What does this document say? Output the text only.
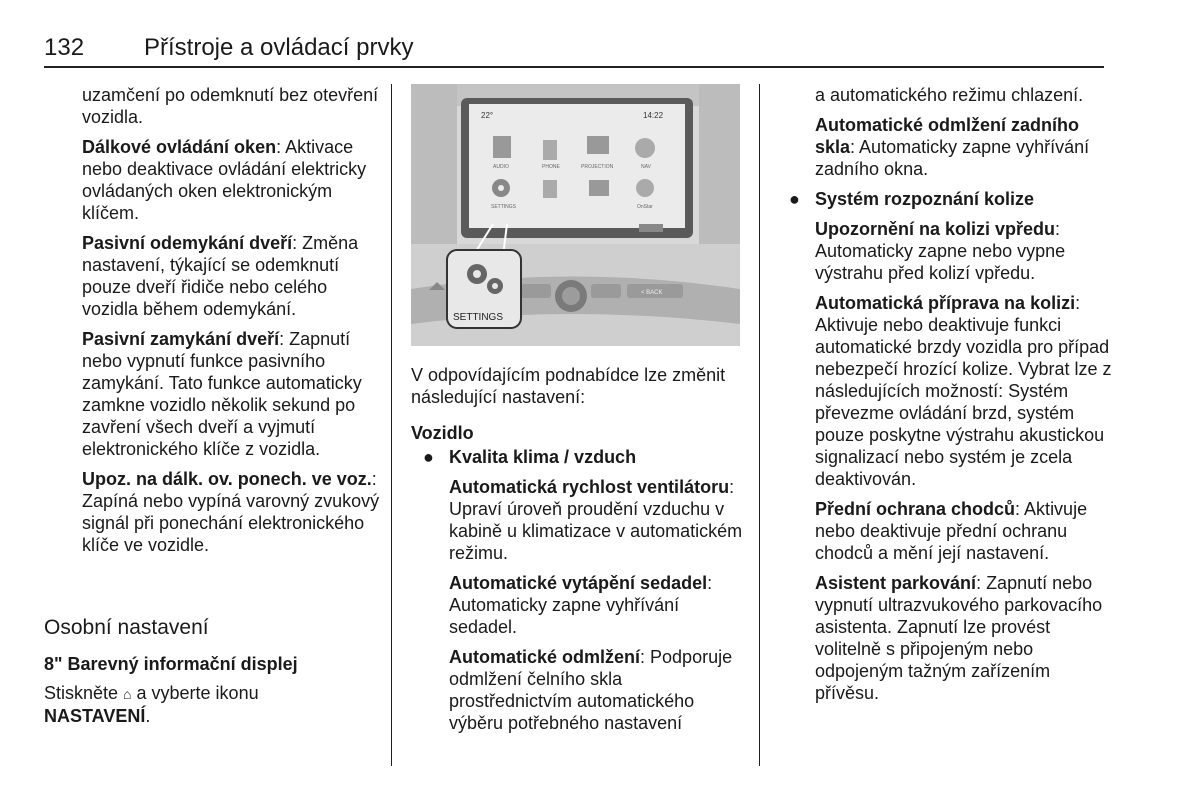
132 Přístroje a ovládací prvky

uzamčení po odemknutí bez otevření vozidla.

Dálkové ovládání oken: Aktivace nebo deaktivace ovládání elektricky ovládaných oken elektronickým klíčem.

Pasivní odemykání dveří: Změna nastavení, týkající se odemknutí pouze dveří řidiče nebo celého vozidla během odemykání.

Pasivní zamykání dveří: Zapnutí nebo vypnutí funkce pasivního zamykání. Tato funkce automaticky zamkne vozidlo několik sekund po zavření všech dveří a vyjmutí elektronického klíče z vozidla.

Upoz. na dálk. ov. ponech. ve voz.: Zapíná nebo vypíná varovný zvukový signál při ponechání elektronického klíče ve vozidle.

Osobní nastavení
8" Barevný informační displej
Stiskněte ⌂ a vyberte ikonu
NASTAVENÍ.
22°	14:22
AUDIO	PHONE	PROJECTION	NAV
SETTINGS	OnStar
< BACK
SETTINGS

V odpovídajícím podnabídce lze změnit následující nastavení:

Vozidlo

● Kvalita klima / vzduch

Automatická rychlost ventilátoru: Upraví úroveň proudění vzduchu v kabině u klimatizace v automatickém režimu.

Automatické vytápění sedadel: Automaticky zapne vyhřívání sedadel.

Automatické odmlžení: Podporuje odmlžení čelního skla prostřednictvím automatického výběru potřebného nastavení

a automatického režimu chlazení.

Automatické odmlžení zadního skla: Automaticky zapne vyhřívání zadního okna.

● Systém rozpoznání kolize

Upozornění na kolizi vpředu: Automaticky zapne nebo vypne výstrahu před kolizí vpředu.

Automatická příprava na kolizi: Aktivuje nebo deaktivuje funkci automatické brzdy vozidla pro případ nebezpečí hrozící kolize. Vybrat lze z následujících možností: Systém převezme ovládání brzd, systém pouze poskytne výstrahu akustickou signalizací nebo systém je zcela deaktivován.

Přední ochrana chodců: Aktivuje nebo deaktivuje přední ochranu chodců a mění její nastavení.

Asistent parkování: Zapnutí nebo vypnutí ultrazvukového parkovacího asistenta. Zapnutí lze provést volitelně s připojeným nebo odpojeným tažným zařízením přívěsu.
